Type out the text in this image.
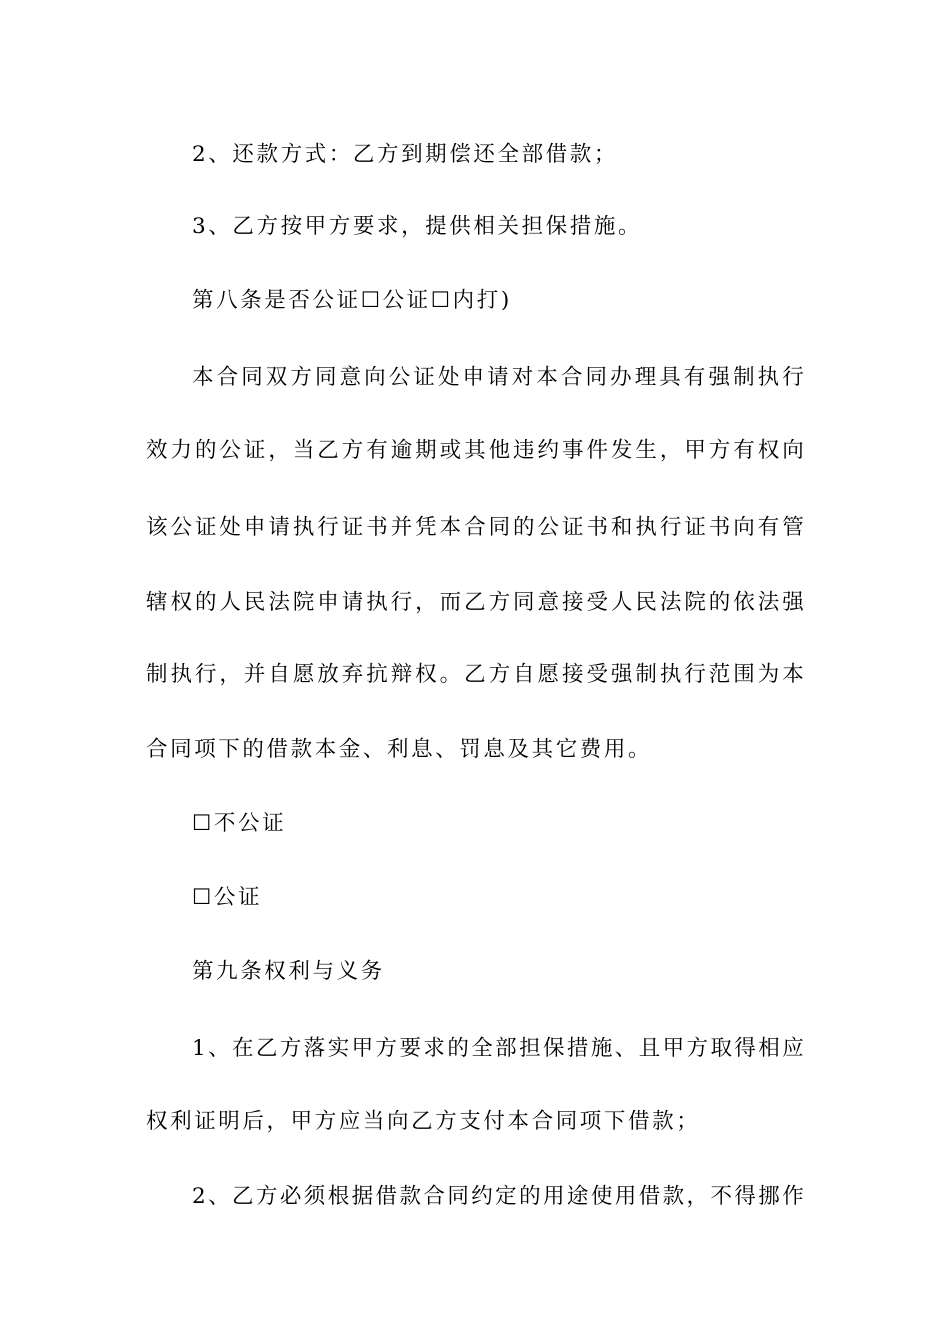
2、还款方式：乙方到期偿还全部借款；
3、乙方按甲方要求，提供相关担保措施。
第八条是否公证☐公证☐内打)
本 合 同 双 方 同 意 向 公 证 处 申 请 对 本 合 同 办 理 具 有 强 制 执 行
效 力 的 公 证 ， 当 乙 方 有 逾 期 或 其 他 违 约 事 件 发 生 ， 甲 方 有 权 向
该 公 证 处 申 请 执 行 证 书 并 凭 本 合 同 的 公 证 书 和 执 行 证 书 向 有 管
辖 权 的 人 民 法 院 申 请 执 行 ， 而 乙 方 同 意 接 受 人 民 法 院 的 依 法 强
制 执 行 ， 并 自 愿 放 弃 抗 辩 权 。 乙 方 自 愿 接 受 强 制 执 行 范 围 为 本
合同项下的借款本金、利息、罚息及其它费用。
☐不公证
☐公证
第九条权利与义务
1 、 在 乙 方 落 实 甲 方 要 求 的 全 部 担 保 措 施 、 且 甲 方 取 得 相 应
权利证明后，甲方应当向乙方支付本合同项下借款；
2 、 乙 方 必 须 根 据 借 款 合 同 约 定 的 用 途 使 用 借 款 ， 不 得 挪 作
